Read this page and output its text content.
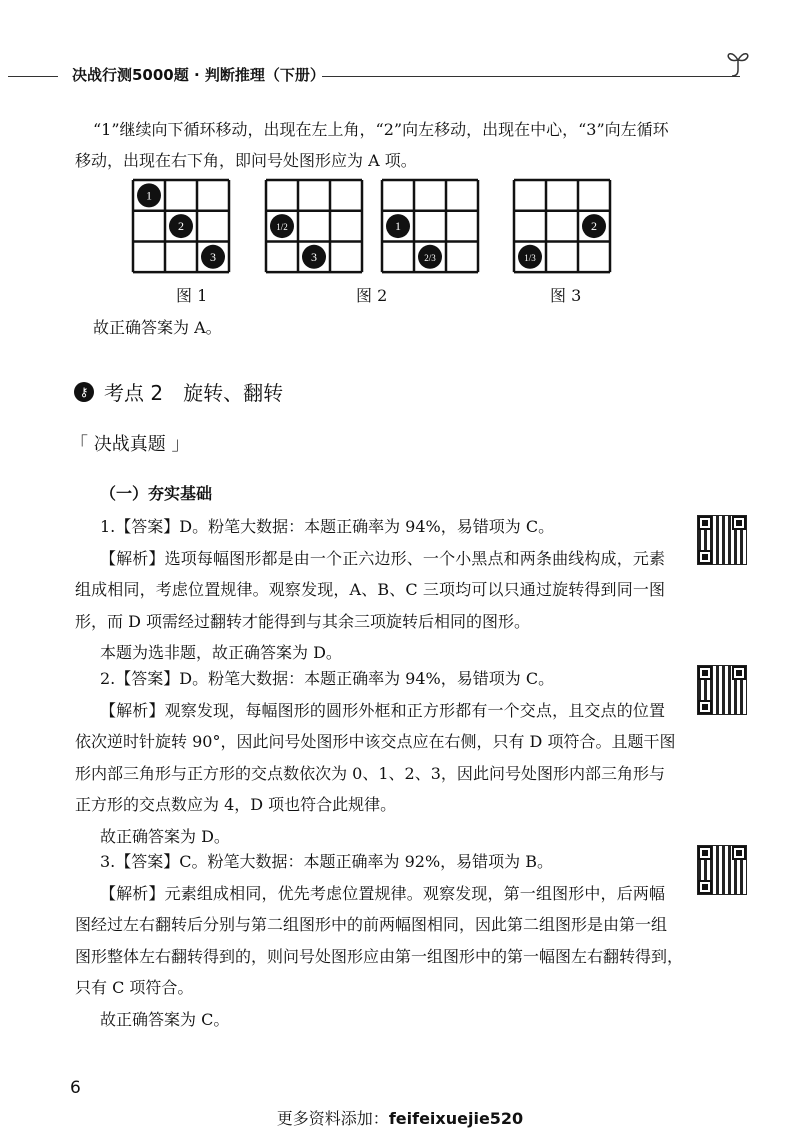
决战行测5000题 · 判断推理（下册）
“1”继续向下循环移动，出现在左上角，“2”向左移动，出现在中心，“3”向左循环
移动，出现在右下角，即问号处图形应为 A 项。
1
2
3
图 1
1/2
3
1
2/3
图 2
2
1/3
图 3
故正确答案为 A。
⚷ 考点 2　旋转、翻转
「 决战真题 」
（一）夯实基础
1.【答案】D。粉笔大数据：本题正确率为 94%，易错项为 C。
【解析】选项每幅图形都是由一个正六边形、一个小黑点和两条曲线构成，元素
组成相同，考虑位置规律。观察发现，A、B、C 三项均可以只通过旋转得到同一图
形，而 D 项需经过翻转才能得到与其余三项旋转后相同的图形。
本题为选非题，故正确答案为 D。
2.【答案】D。粉笔大数据：本题正确率为 94%，易错项为 C。
【解析】观察发现，每幅图形的圆形外框和正方形都有一个交点，且交点的位置
依次逆时针旋转 90°，因此问号处图形中该交点应在右侧，只有 D 项符合。且题干图
形内部三角形与正方形的交点数依次为 0、1、2、3，因此问号处图形内部三角形与
正方形的交点数应为 4，D 项也符合此规律。
故正确答案为 D。
3.【答案】C。粉笔大数据：本题正确率为 92%，易错项为 B。
【解析】元素组成相同，优先考虑位置规律。观察发现，第一组图形中，后两幅
图经过左右翻转后分别与第二组图形中的前两幅图相同，因此第二组图形是由第一组
图形整体左右翻转得到的，则问号处图形应由第一组图形中的第一幅图左右翻转得到，
只有 C 项符合。
故正确答案为 C。
6
更多资料添加：feifeixuejie520
